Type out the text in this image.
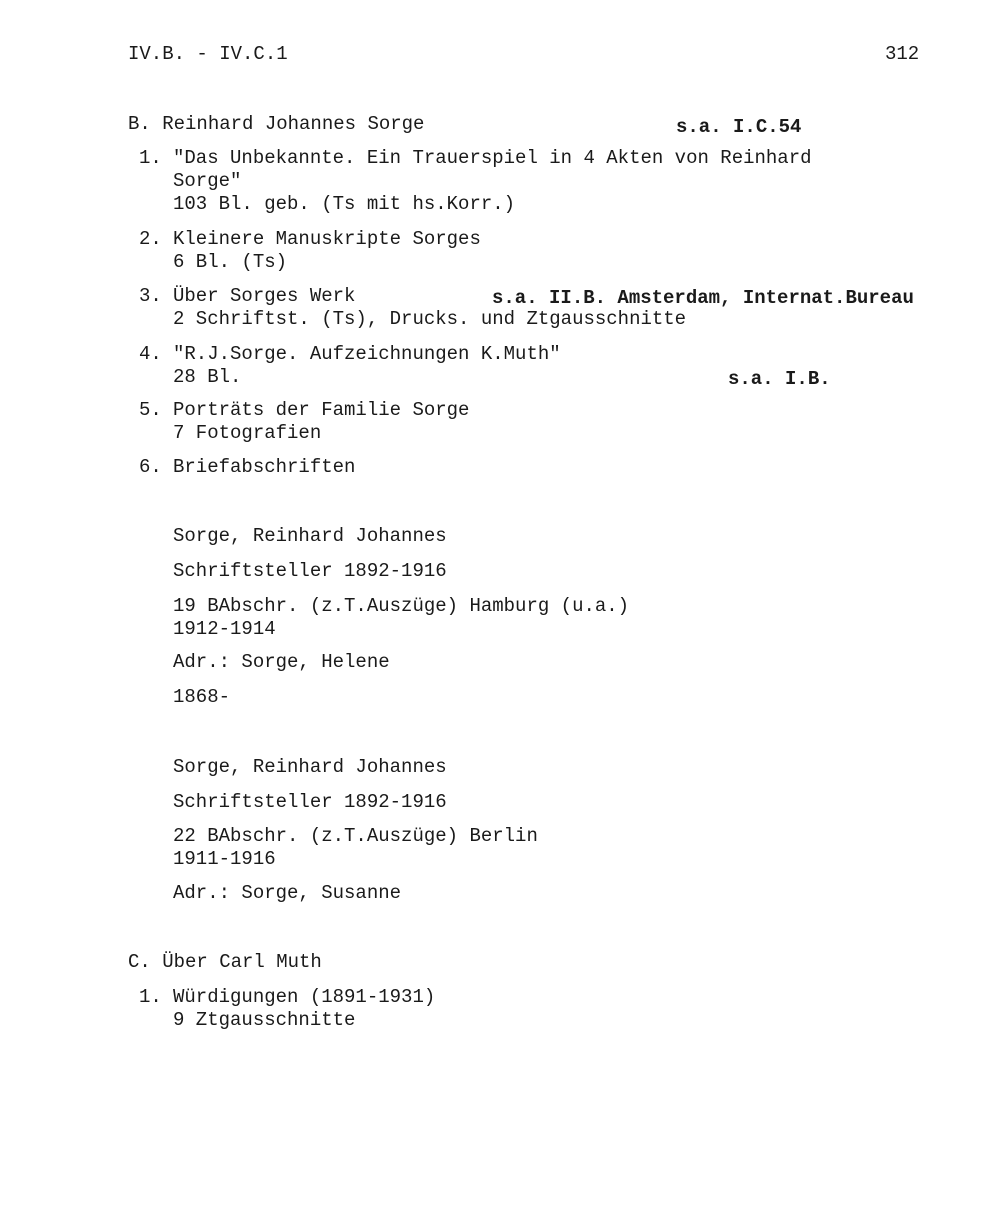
IV.B. - IV.C.1	312
B. Reinhard Johannes Sorge	s.a. I.C.54
1. "Das Unbekannte. Ein Trauerspiel in 4 Akten von Reinhard
Sorge"
103 Bl. geb. (Ts mit hs.Korr.)
2. Kleinere Manuskripte Sorges
6 Bl. (Ts)
3. Über Sorges Werk	s.a. II.B. Amsterdam, Internat.Bureau
2 Schriftst. (Ts), Drucks. und Ztgausschnitte
4. "R.J.Sorge. Aufzeichnungen K.Muth"
28 Bl.	s.a. I.B.
5. Porträts der Familie Sorge
7 Fotografien
6. Briefabschriften
Sorge, Reinhard Johannes
Schriftsteller 1892-1916
19 BAbschr. (z.T.Auszüge) Hamburg (u.a.)
1912-1914
Adr.: Sorge, Helene
1868-
Sorge, Reinhard Johannes
Schriftsteller 1892-1916
22 BAbschr. (z.T.Auszüge) Berlin
1911-1916
Adr.: Sorge, Susanne
C. Über Carl Muth
1. Würdigungen (1891-1931)
9 Ztgausschnitte
